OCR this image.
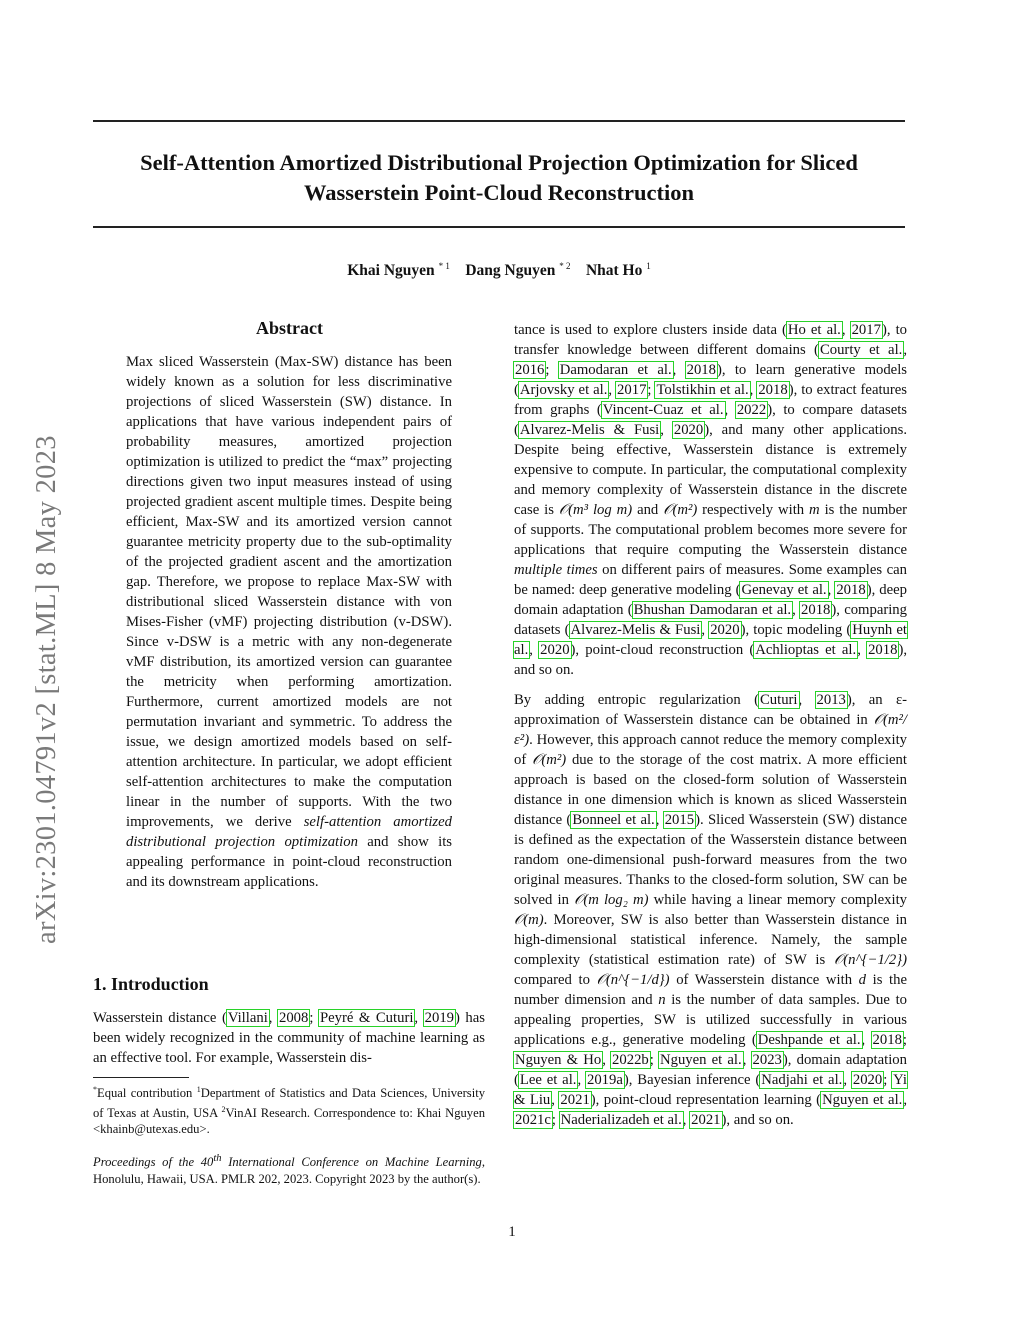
Self-Attention Amortized Distributional Projection Optimization for Sliced Wasserstein Point-Cloud Reconstruction
Khai Nguyen $^{* 1}$ Dang Nguyen $^{* 2}$ Nhat Ho $^1$
arXiv:2301.04791v2 [stat.ML] 8 May 2023
Abstract
Max sliced Wasserstein (Max-SW) distance has been widely known as a solution for less discriminative projections of sliced Wasserstein (SW) distance. In applications that have various independent pairs of probability measures, amortized projection optimization is utilized to predict the “max” projecting directions given two input measures instead of using projected gradient ascent multiple times. Despite being efficient, Max-SW and its amortized version cannot guarantee metricity property due to the sub-optimality of the projected gradient ascent and the amortization gap. Therefore, we propose to replace Max-SW with distributional sliced Wasserstein distance with von Mises-Fisher (vMF) projecting distribution (v-DSW). Since v-DSW is a metric with any non-degenerate vMF distribution, its amortized version can guarantee the metricity when performing amortization. Furthermore, current amortized models are not permutation invariant and symmetric. To address the issue, we design amortized models based on self-attention architecture. In particular, we adopt efficient self-attention architectures to make the computation linear in the number of supports. With the two improvements, we derive self-attention amortized distributional projection optimization and show its appealing performance in point-cloud reconstruction and its downstream applications.
1. Introduction
Wasserstein distance (Villani, 2008; Peyré & Cuturi, 2019) has been widely recognized in the community of machine learning as an effective tool. For example, Wasserstein dis-
*Equal contribution $^1$Department of Statistics and Data Sciences, University of Texas at Austin, USA $^2$VinAI Research. Correspondence to: Khai Nguyen <khainb@utexas.edu>.
Proceedings of the 40th International Conference on Machine Learning, Honolulu, Hawaii, USA. PMLR 202, 2023. Copyright 2023 by the author(s).

tance is used to explore clusters inside data (Ho et al., 2017), to transfer knowledge between different domains (Courty et al., 2016; Damodaran et al., 2018), to learn generative models (Arjovsky et al., 2017; Tolstikhin et al., 2018), to extract features from graphs (Vincent-Cuaz et al., 2022), to compare datasets (Alvarez-Melis & Fusi, 2020), and many other applications. Despite being effective, Wasserstein distance is extremely expensive to compute. In particular, the computational complexity and memory complexity of Wasserstein distance in the discrete case is 𝒪(m³ log m) and 𝒪(m²) respectively with m is the number of supports. The computational problem becomes more severe for applications that require computing the Wasserstein distance multiple times on different pairs of measures. Some examples can be named: deep generative modeling (Genevay et al., 2018), deep domain adaptation (Bhushan Damodaran et al., 2018), comparing datasets (Alvarez-Melis & Fusi, 2020), topic modeling (Huynh et al., 2020), point-cloud reconstruction (Achlioptas et al., 2018), and so on.

By adding entropic regularization (Cuturi, 2013), an ε-approximation of Wasserstein distance can be obtained in 𝒪(m²/ε²). However, this approach cannot reduce the memory complexity of 𝒪(m²) due to the storage of the cost matrix. A more efficient approach is based on the closed-form solution of Wasserstein distance in one dimension which is known as sliced Wasserstein distance (Bonneel et al., 2015). Sliced Wasserstein (SW) distance is defined as the expectation of the Wasserstein distance between random one-dimensional push-forward measures from the two original measures. Thanks to the closed-form solution, SW can be solved in 𝒪(m log₂ m) while having a linear memory complexity 𝒪(m). Moreover, SW is also better than Wasserstein distance in high-dimensional statistical inference. Namely, the sample complexity (statistical estimation rate) of SW is 𝒪(n^{−1/2}) compared to 𝒪(n^{−1/d}) of Wasserstein distance with d is the number dimension and n is the number of data samples. Due to appealing properties, SW is utilized successfully in various applications e.g., generative modeling (Deshpande et al., 2018; Nguyen & Ho, 2022b; Nguyen et al., 2023), domain adaptation (Lee et al., 2019a), Bayesian inference (Nadjahi et al., 2020; Yi & Liu, 2021), point-cloud representation learning (Nguyen et al., 2021c; Naderializadeh et al., 2021), and so on.

1
